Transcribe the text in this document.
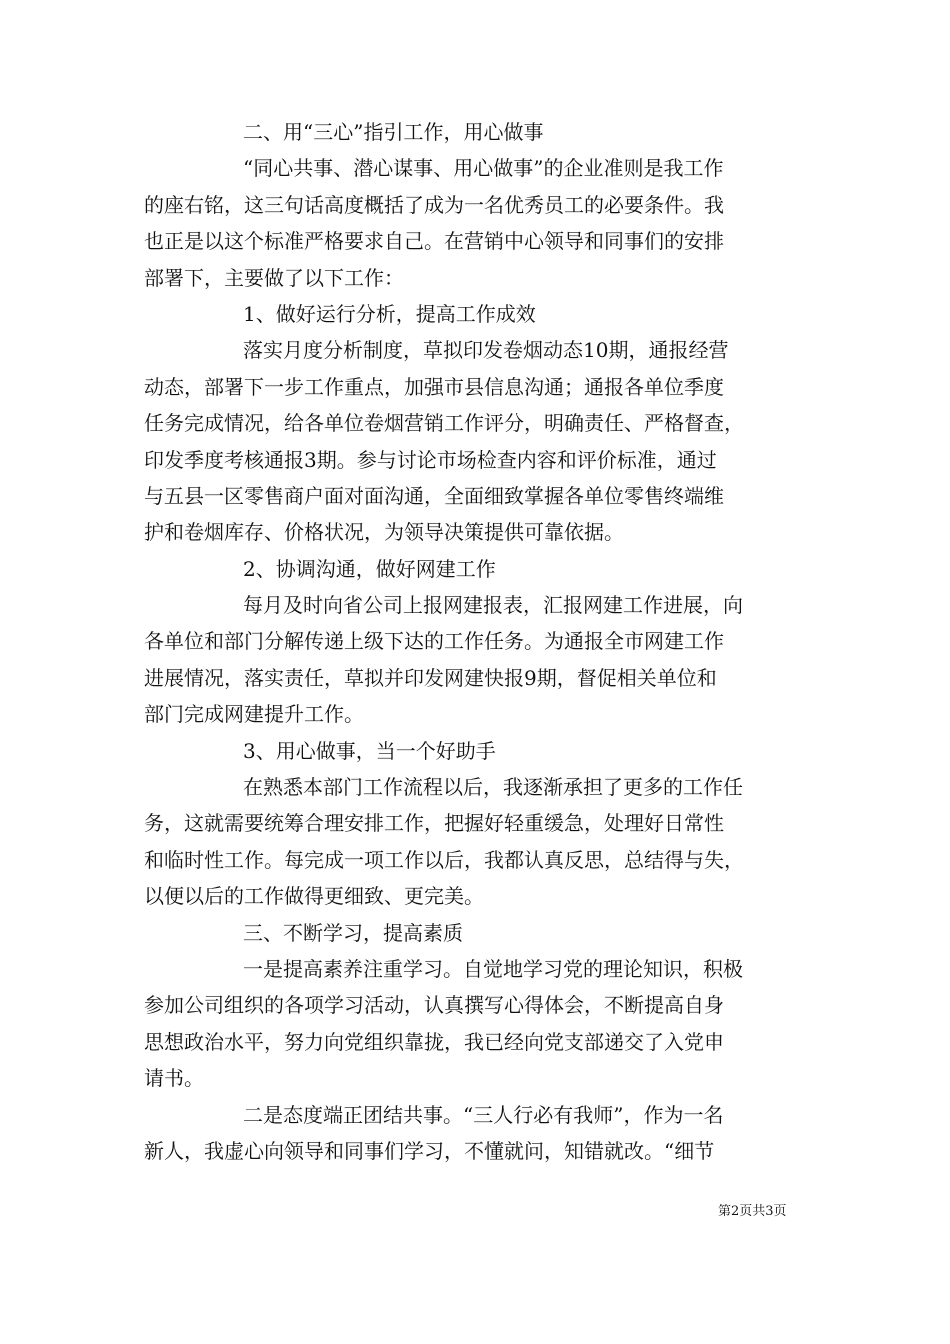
二、用“三心”指引工作，用心做事
“同心共事、潜心谋事、用心做事”的企业准则是我工作
的座右铭，这三句话高度概括了成为一名优秀员工的必要条件。我
也正是以这个标准严格要求自己。在营销中心领导和同事们的安排
部署下，主要做了以下工作：
1、做好运行分析，提高工作成效
落实月度分析制度，草拟印发卷烟动态10期，通报经营
动态，部署下一步工作重点，加强市县信息沟通；通报各单位季度
任务完成情况，给各单位卷烟营销工作评分，明确责任、严格督查，
印发季度考核通报3期。参与讨论市场检查内容和评价标准，通过
与五县一区零售商户面对面沟通，全面细致掌握各单位零售终端维
护和卷烟库存、价格状况，为领导决策提供可靠依据。
2、协调沟通，做好网建工作
每月及时向省公司上报网建报表，汇报网建工作进展，向
各单位和部门分解传递上级下达的工作任务。为通报全市网建工作
进展情况，落实责任，草拟并印发网建快报9期，督促相关单位和
部门完成网建提升工作。
3、用心做事，当一个好助手
在熟悉本部门工作流程以后，我逐渐承担了更多的工作任
务，这就需要统筹合理安排工作，把握好轻重缓急，处理好日常性
和临时性工作。每完成一项工作以后，我都认真反思，总结得与失，
以便以后的工作做得更细致、更完美。
三、不断学习，提高素质
一是提高素养注重学习。自觉地学习党的理论知识，积极
参加公司组织的各项学习活动，认真撰写心得体会，不断提高自身
思想政治水平，努力向党组织靠拢，我已经向党支部递交了入党申
请书。
二是态度端正团结共事。“三人行必有我师”，作为一名
新人，我虚心向领导和同事们学习，不懂就问，知错就改。“细节
第2页共3页
